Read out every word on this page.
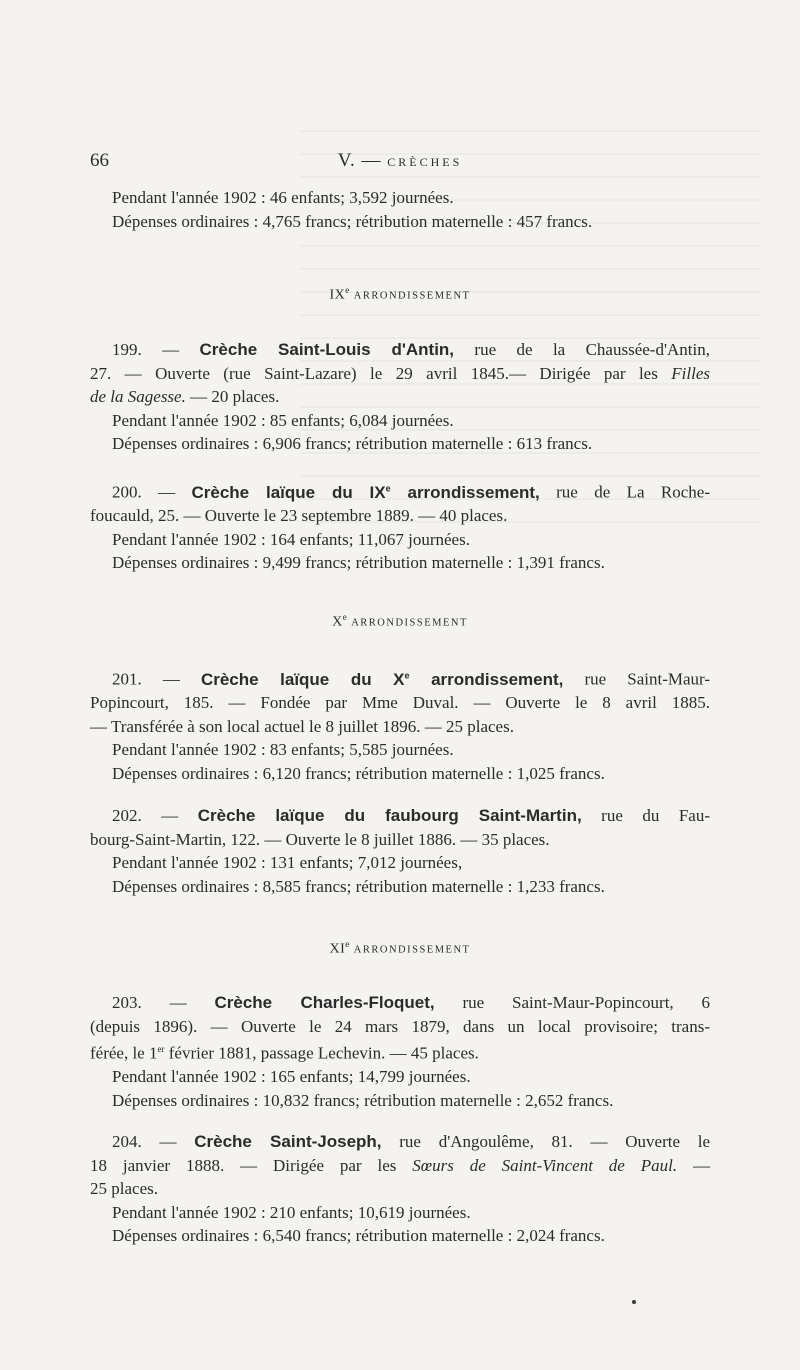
66	V. — CRÈCHES
Pendant l'année 1902 : 46 enfants; 3,592 journées.
Dépenses ordinaires : 4,765 francs; rétribution maternelle : 457 francs.
IXe ARRONDISSEMENT
199. — Crèche Saint-Louis d'Antin, rue de la Chaussée-d'Antin,
27. — Ouverte (rue Saint-Lazare) le 29 avril 1845.— Dirigée par les Filles
de la Sagesse. — 20 places.
Pendant l'année 1902 : 85 enfants; 6,084 journées.
Dépenses ordinaires : 6,906 francs; rétribution maternelle : 613 francs.
200. — Crèche laïque du IXe arrondissement, rue de La Roche-
foucauld, 25. — Ouverte le 23 septembre 1889. — 40 places.
Pendant l'année 1902 : 164 enfants; 11,067 journées.
Dépenses ordinaires : 9,499 francs; rétribution maternelle : 1,391 francs.
Xe ARRONDISSEMENT
201. — Crèche laïque du Xe arrondissement, rue Saint-Maur-
Popincourt, 185. — Fondée par Mme Duval. — Ouverte le 8 avril 1885.
— Transférée à son local actuel le 8 juillet 1896. — 25 places.
Pendant l'année 1902 : 83 enfants; 5,585 journées.
Dépenses ordinaires : 6,120 francs; rétribution maternelle : 1,025 francs.
202. — Crèche laïque du faubourg Saint-Martin, rue du Fau-
bourg-Saint-Martin, 122. — Ouverte le 8 juillet 1886. — 35 places.
Pendant l'année 1902 : 131 enfants; 7,012 journées,
Dépenses ordinaires : 8,585 francs; rétribution maternelle : 1,233 francs.
XIe ARRONDISSEMENT
203. — Crèche Charles-Floquet, rue Saint-Maur-Popincourt, 6
(depuis 1896). — Ouverte le 24 mars 1879, dans un local provisoire; trans-
férée, le 1er février 1881, passage Lechevin. — 45 places.
Pendant l'année 1902 : 165 enfants; 14,799 journées.
Dépenses ordinaires : 10,832 francs; rétribution maternelle : 2,652 francs.
204. — Crèche Saint-Joseph, rue d'Angoulême, 81. — Ouverte le
18 janvier 1888. — Dirigée par les Sœurs de Saint-Vincent de Paul. —
25 places.
Pendant l'année 1902 : 210 enfants; 10,619 journées.
Dépenses ordinaires : 6,540 francs; rétribution maternelle : 2,024 francs.
